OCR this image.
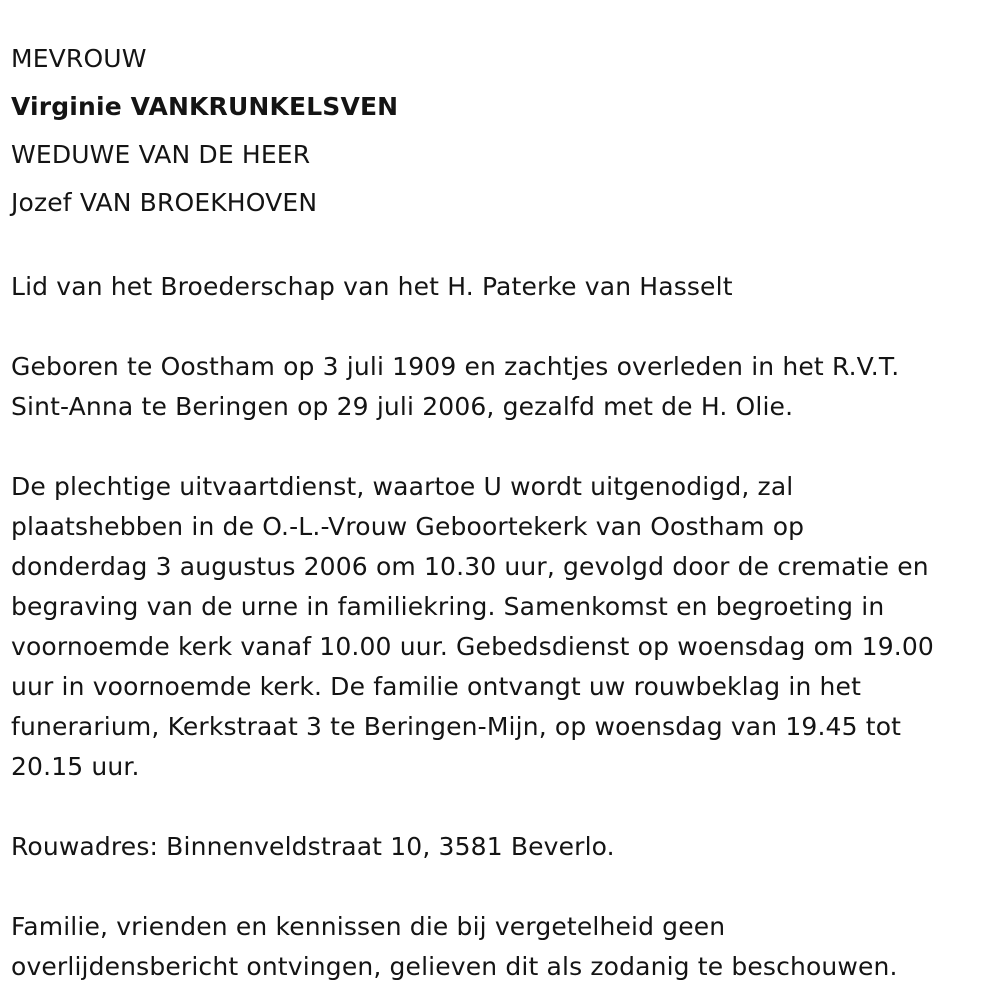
MEVROUW
Virginie VANKRUNKELSVEN
WEDUWE VAN DE HEER
Jozef VAN BROEKHOVEN

Lid van het Broederschap van het H. Paterke van Hasselt

Geboren te Oostham op 3 juli 1909 en zachtjes overleden in het R.V.T.
Sint-Anna te Beringen op 29 juli 2006, gezalfd met de H. Olie.

De plechtige uitvaartdienst, waartoe U wordt uitgenodigd, zal
plaatshebben in de O.-L.-Vrouw Geboortekerk van Oostham op
donderdag 3 augustus 2006 om 10.30 uur, gevolgd door de crematie en
begraving van de urne in familiekring. Samenkomst en begroeting in
voornoemde kerk vanaf 10.00 uur. Gebedsdienst op woensdag om 19.00
uur in voornoemde kerk. De familie ontvangt uw rouwbeklag in het
funerarium, Kerkstraat 3 te Beringen-Mijn, op woensdag van 19.45 tot
20.15 uur.

Rouwadres: Binnenveldstraat 10, 3581 Beverlo.

Familie, vrienden en kennissen die bij vergetelheid geen
overlijdensbericht ontvingen, gelieven dit als zodanig te beschouwen.
